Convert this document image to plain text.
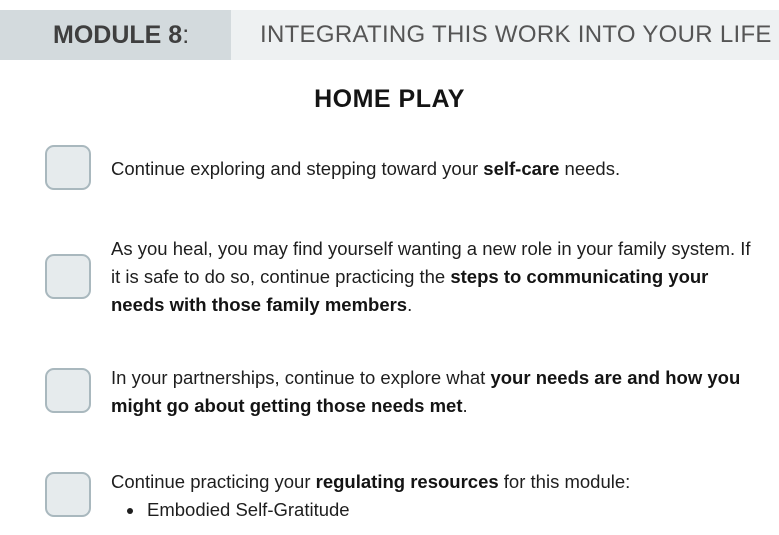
MODULE 8 :	INTEGRATING THIS WORK INTO YOUR LIFE
HOME PLAY
Continue exploring and stepping toward your self-care needs.
As you heal, you may find yourself wanting a new role in your family system. If it is safe to do so, continue practicing the steps to communicating your needs with those family members.
In your partnerships, continue to explore what your needs are and how you might go about getting those needs met.
Continue practicing your regulating resources for this module:
Embodied Self-Gratitude
